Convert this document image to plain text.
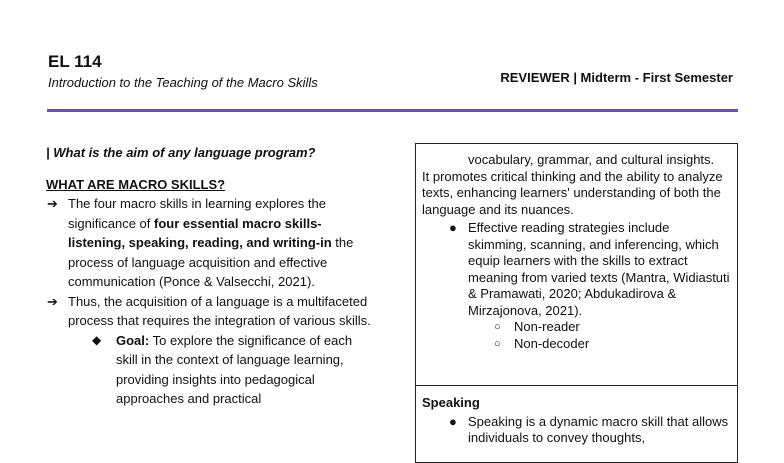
EL 114
Introduction to the Teaching of the Macro Skills	REVIEWER | Midterm - First Semester
| What is the aim of any language program?
WHAT ARE MACRO SKILLS?
➔ The four macro skills in learning explores the significance of four essential macro skills-listening, speaking, reading, and writing-in the process of language acquisition and effective communication (Ponce & Valsecchi, 2021).
➔ Thus, the acquisition of a language is a multifaceted process that requires the integration of various skills.
◆ Goal: To explore the significance of each skill in the context of language learning, providing insights into pedagogical approaches and practical
vocabulary, grammar, and cultural insights.
It promotes critical thinking and the ability to analyze texts, enhancing learners' understanding of both the language and its nuances.
● Effective reading strategies include skimming, scanning, and inferencing, which equip learners with the skills to extract meaning from varied texts (Mantra, Widiastuti & Pramawati, 2020; Abdukadirova & Mirzajonova, 2021).
○ Non-reader
○ Non-decoder
Speaking
● Speaking is a dynamic macro skill that allows individuals to convey thoughts,
